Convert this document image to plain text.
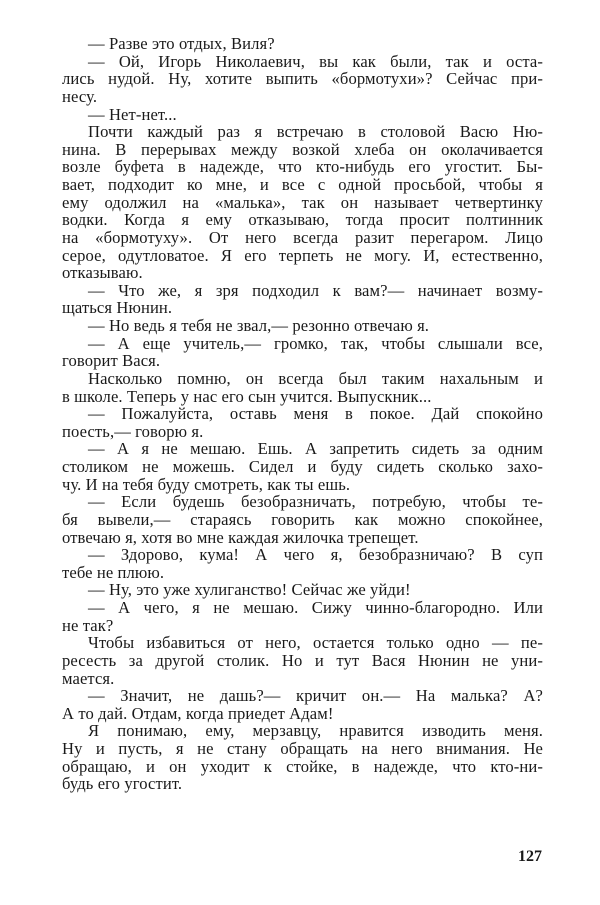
— Разве это отдых, Виля?
— Ой, Игорь Николаевич, вы как были, так и оста-
лись нудой. Ну, хотите выпить «бормотухи»? Сейчас при-
несу.
— Нет-нет...
Почти каждый раз я встречаю в столовой Васю Ню-
нина. В перерывах между возкой хлеба он околачивается
возле буфета в надежде, что кто-нибудь его угостит. Бы-
вает, подходит ко мне, и все с одной просьбой, чтобы я
ему одолжил на «малька», так он называет четвертинку
водки. Когда я ему отказываю, тогда просит полтинник
на «бормотуху». От него всегда разит перегаром. Лицо
серое, одутловатое. Я его терпеть не могу. И, естественно,
отказываю.
— Что же, я зря подходил к вам?— начинает возму-
щаться Нюнин.
— Но ведь я тебя не звал,— резонно отвечаю я.
— А еще учитель,— громко, так, чтобы слышали все,
говорит Вася.
Насколько помню, он всегда был таким нахальным и
в школе. Теперь у нас его сын учится. Выпускник...
— Пожалуйста, оставь меня в покое. Дай спокойно
поесть,— говорю я.
— А я не мешаю. Ешь. А запретить сидеть за одним
столиком не можешь. Сидел и буду сидеть сколько захо-
чу. И на тебя буду смотреть, как ты ешь.
— Если будешь безобразничать, потребую, чтобы те-
бя вывели,— стараясь говорить как можно спокойнее,
отвечаю я, хотя во мне каждая жилочка трепещет.
— Здорово, кума! А чего я, безобразничаю? В суп
тебе не плюю.
— Ну, это уже хулиганство! Сейчас же уйди!
— А чего, я не мешаю. Сижу чинно-благородно. Или
не так?
Чтобы избавиться от него, остается только одно — пе-
ресесть за другой столик. Но и тут Вася Нюнин не уни-
мается.
— Значит, не дашь?— кричит он.— На малька? А?
А то дай. Отдам, когда приедет Адам!
Я понимаю, ему, мерзавцу, нравится изводить меня.
Ну и пусть, я не стану обращать на него внимания. Не
обращаю, и он уходит к стойке, в надежде, что кто-ни-
будь его угостит.
127
